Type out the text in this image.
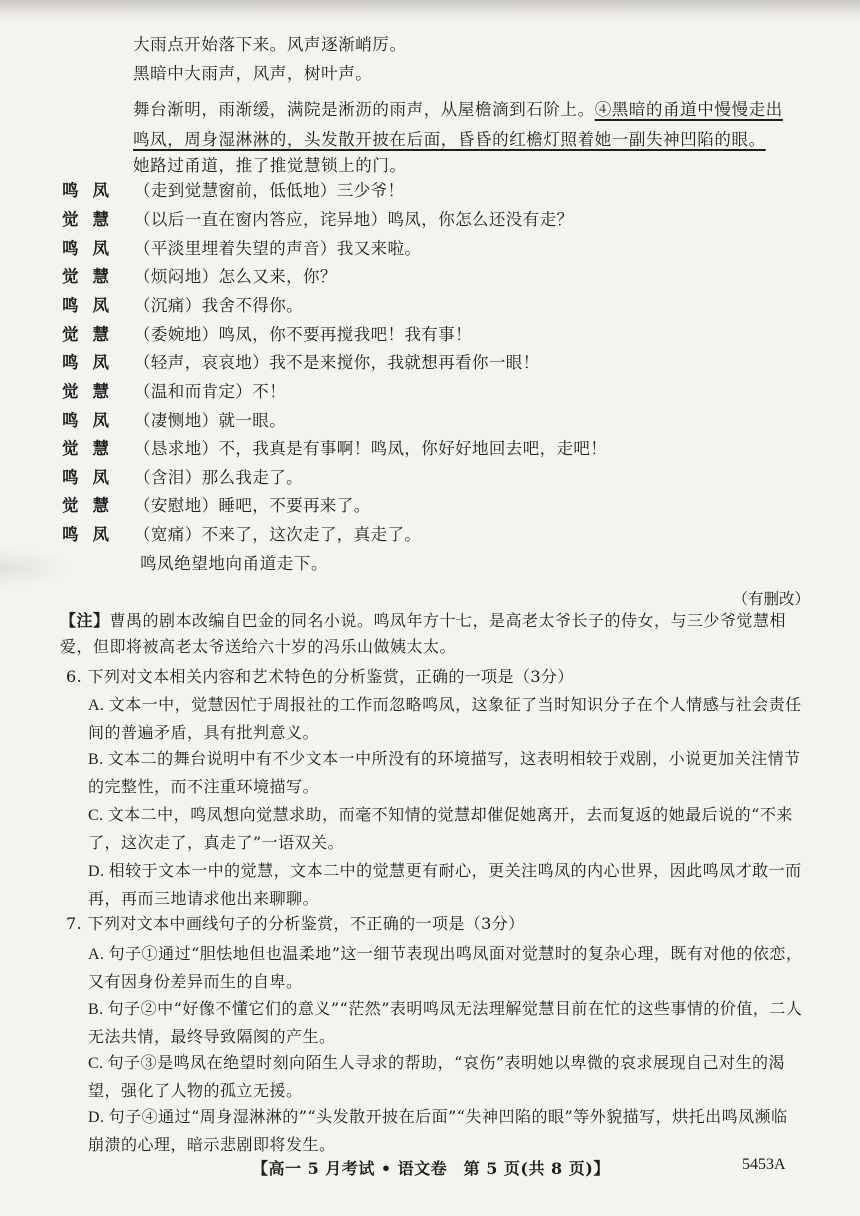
大雨点开始落下来。风声逐渐峭厉。
黑暗中大雨声，风声，树叶声。
舞台渐明，雨渐缓，满院是淅沥的雨声，从屋檐滴到石阶上。④黑暗的甬道中慢慢走出
鸣凤，周身湿淋淋的，头发散开披在后面，昏昏的红檐灯照着她一副失神凹陷的眼。
她路过甬道，推了推觉慧锁上的门。
鸣凤 （走到觉慧窗前，低低地）三少爷！
觉慧 （以后一直在窗内答应，诧异地）鸣凤，你怎么还没有走？
鸣凤 （平淡里埋着失望的声音）我又来啦。
觉慧 （烦闷地）怎么又来，你？
鸣凤 （沉痛）我舍不得你。
觉慧 （委婉地）鸣凤，你不要再搅我吧！我有事！
鸣凤 （轻声，哀哀地）我不是来搅你，我就想再看你一眼！
觉慧 （温和而肯定）不！
鸣凤 （凄恻地）就一眼。
觉慧 （恳求地）不，我真是有事啊！鸣凤，你好好地回去吧，走吧！
鸣凤 （含泪）那么我走了。
觉慧 （安慰地）睡吧，不要再来了。
鸣凤 （宽痛）不来了，这次走了，真走了。
鸣凤绝望地向甬道走下。
（有删改）
【注】曹禺的剧本改编自巴金的同名小说。鸣凤年方十七，是高老太爷长子的侍女，与三少爷觉慧相爱，但即将被高老太爷送给六十岁的冯乐山做姨太太。
6. 下列对文本相关内容和艺术特色的分析鉴赏，正确的一项是（3分）
A. 文本一中，觉慧因忙于周报社的工作而忽略鸣凤，这象征了当时知识分子在个人情感与社会责任间的普遍矛盾，具有批判意义。
B. 文本二的舞台说明中有不少文本一中所没有的环境描写，这表明相较于戏剧，小说更加关注情节的完整性，而不注重环境描写。
C. 文本二中，鸣凤想向觉慧求助，而毫不知情的觉慧却催促她离开，去而复返的她最后说的“不来了，这次走了，真走了”一语双关。
D. 相较于文本一中的觉慧，文本二中的觉慧更有耐心，更关注鸣凤的内心世界，因此鸣凤才敢一而再，再而三地请求他出来聊聊。
7. 下列对文本中画线句子的分析鉴赏，不正确的一项是（3分）
A. 句子①通过“胆怯地但也温柔地”这一细节表现出鸣凤面对觉慧时的复杂心理，既有对他的依恋，又有因身份差异而生的自卑。
B. 句子②中“好像不懂它们的意义”“茫然”表明鸣凤无法理解觉慧目前在忙的这些事情的价值，二人无法共情，最终导致隔阂的产生。
C. 句子③是鸣凤在绝望时刻向陌生人寻求的帮助，“哀伤”表明她以卑微的哀求展现自己对生的渴望，强化了人物的孤立无援。
D. 句子④通过“周身湿淋淋的”“头发散开披在后面”“失神凹陷的眼”等外貌描写，烘托出鸣凤濒临崩溃的心理，暗示悲剧即将发生。
【高一 5 月考试 • 语文卷　第 5 页(共 8 页)】	5453A
